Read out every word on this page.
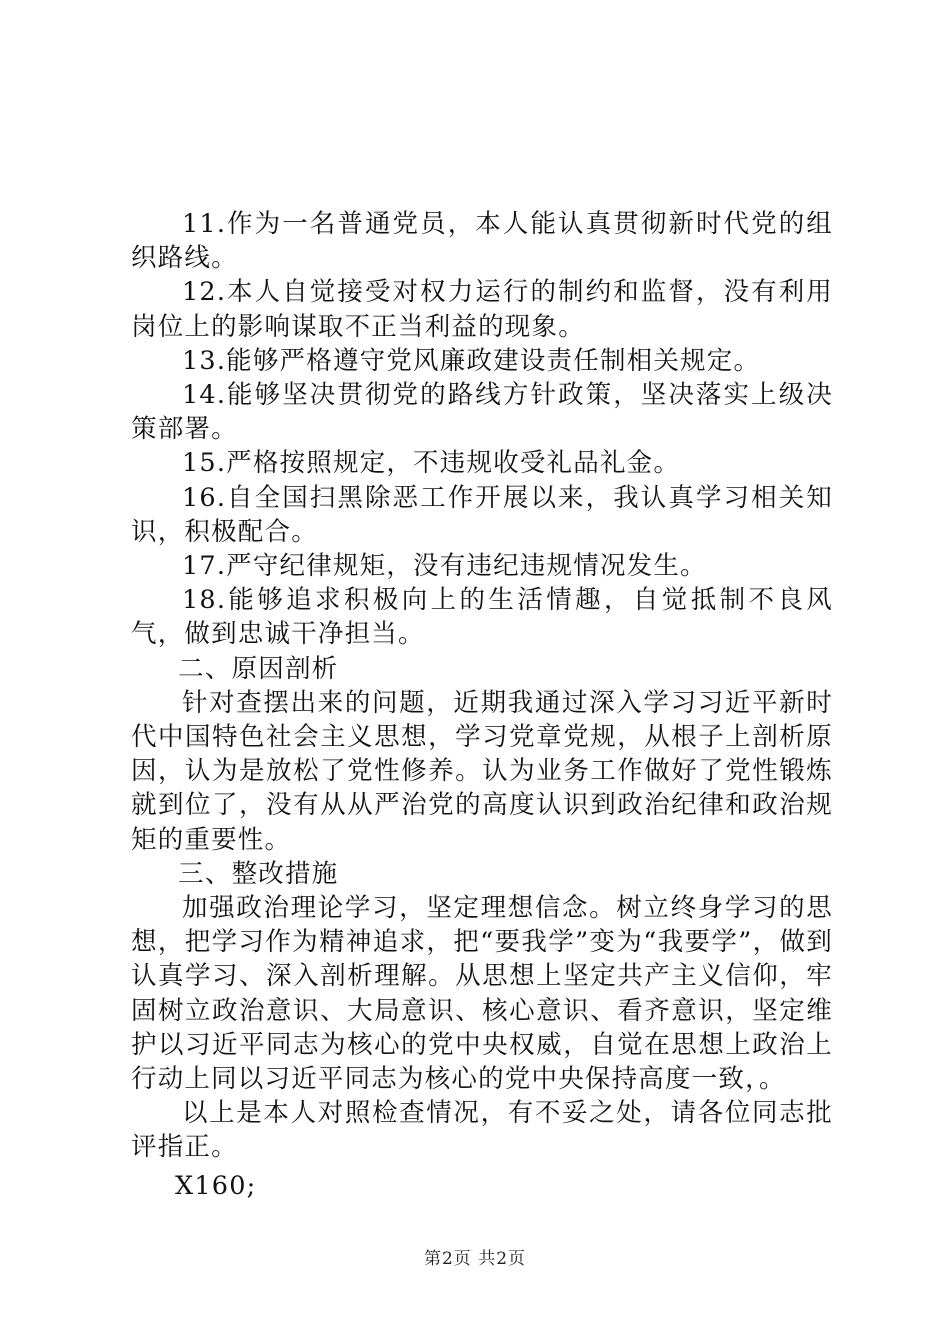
11.作为一名普通党员，本人能认真贯彻新时代党的组织路线。

12.本人自觉接受对权力运行的制约和监督，没有利用岗位上的影响谋取不正当利益的现象。

13.能够严格遵守党风廉政建设责任制相关规定。

14.能够坚决贯彻党的路线方针政策，坚决落实上级决策部署。

15.严格按照规定，不违规收受礼品礼金。

16.自全国扫黑除恶工作开展以来，我认真学习相关知识，积极配合。

17.严守纪律规矩，没有违纪违规情况发生。

18.能够追求积极向上的生活情趣，自觉抵制不良风气，做到忠诚干净担当。

二、原因剖析

针对查摆出来的问题，近期我通过深入学习习近平新时代中国特色社会主义思想，学习党章党规，从根子上剖析原因，认为是放松了党性修养。认为业务工作做好了党性锻炼就到位了，没有从从严治党的高度认识到政治纪律和政治规矩的重要性。

三、整改措施

加强政治理论学习，坚定理想信念。树立终身学习的思想，把学习作为精神追求，把“要我学”变为“我要学”，做到认真学习、深入剖析理解。从思想上坚定共产主义信仰，牢固树立政治意识、大局意识、核心意识、看齐意识，坚定维护以习近平同志为核心的党中央权威，自觉在思想上政治上行动上同以习近平同志为核心的党中央保持高度一致，。

以上是本人对照检查情况，有不妥之处，请各位同志批评指正。

X160;

第2页 共2页
